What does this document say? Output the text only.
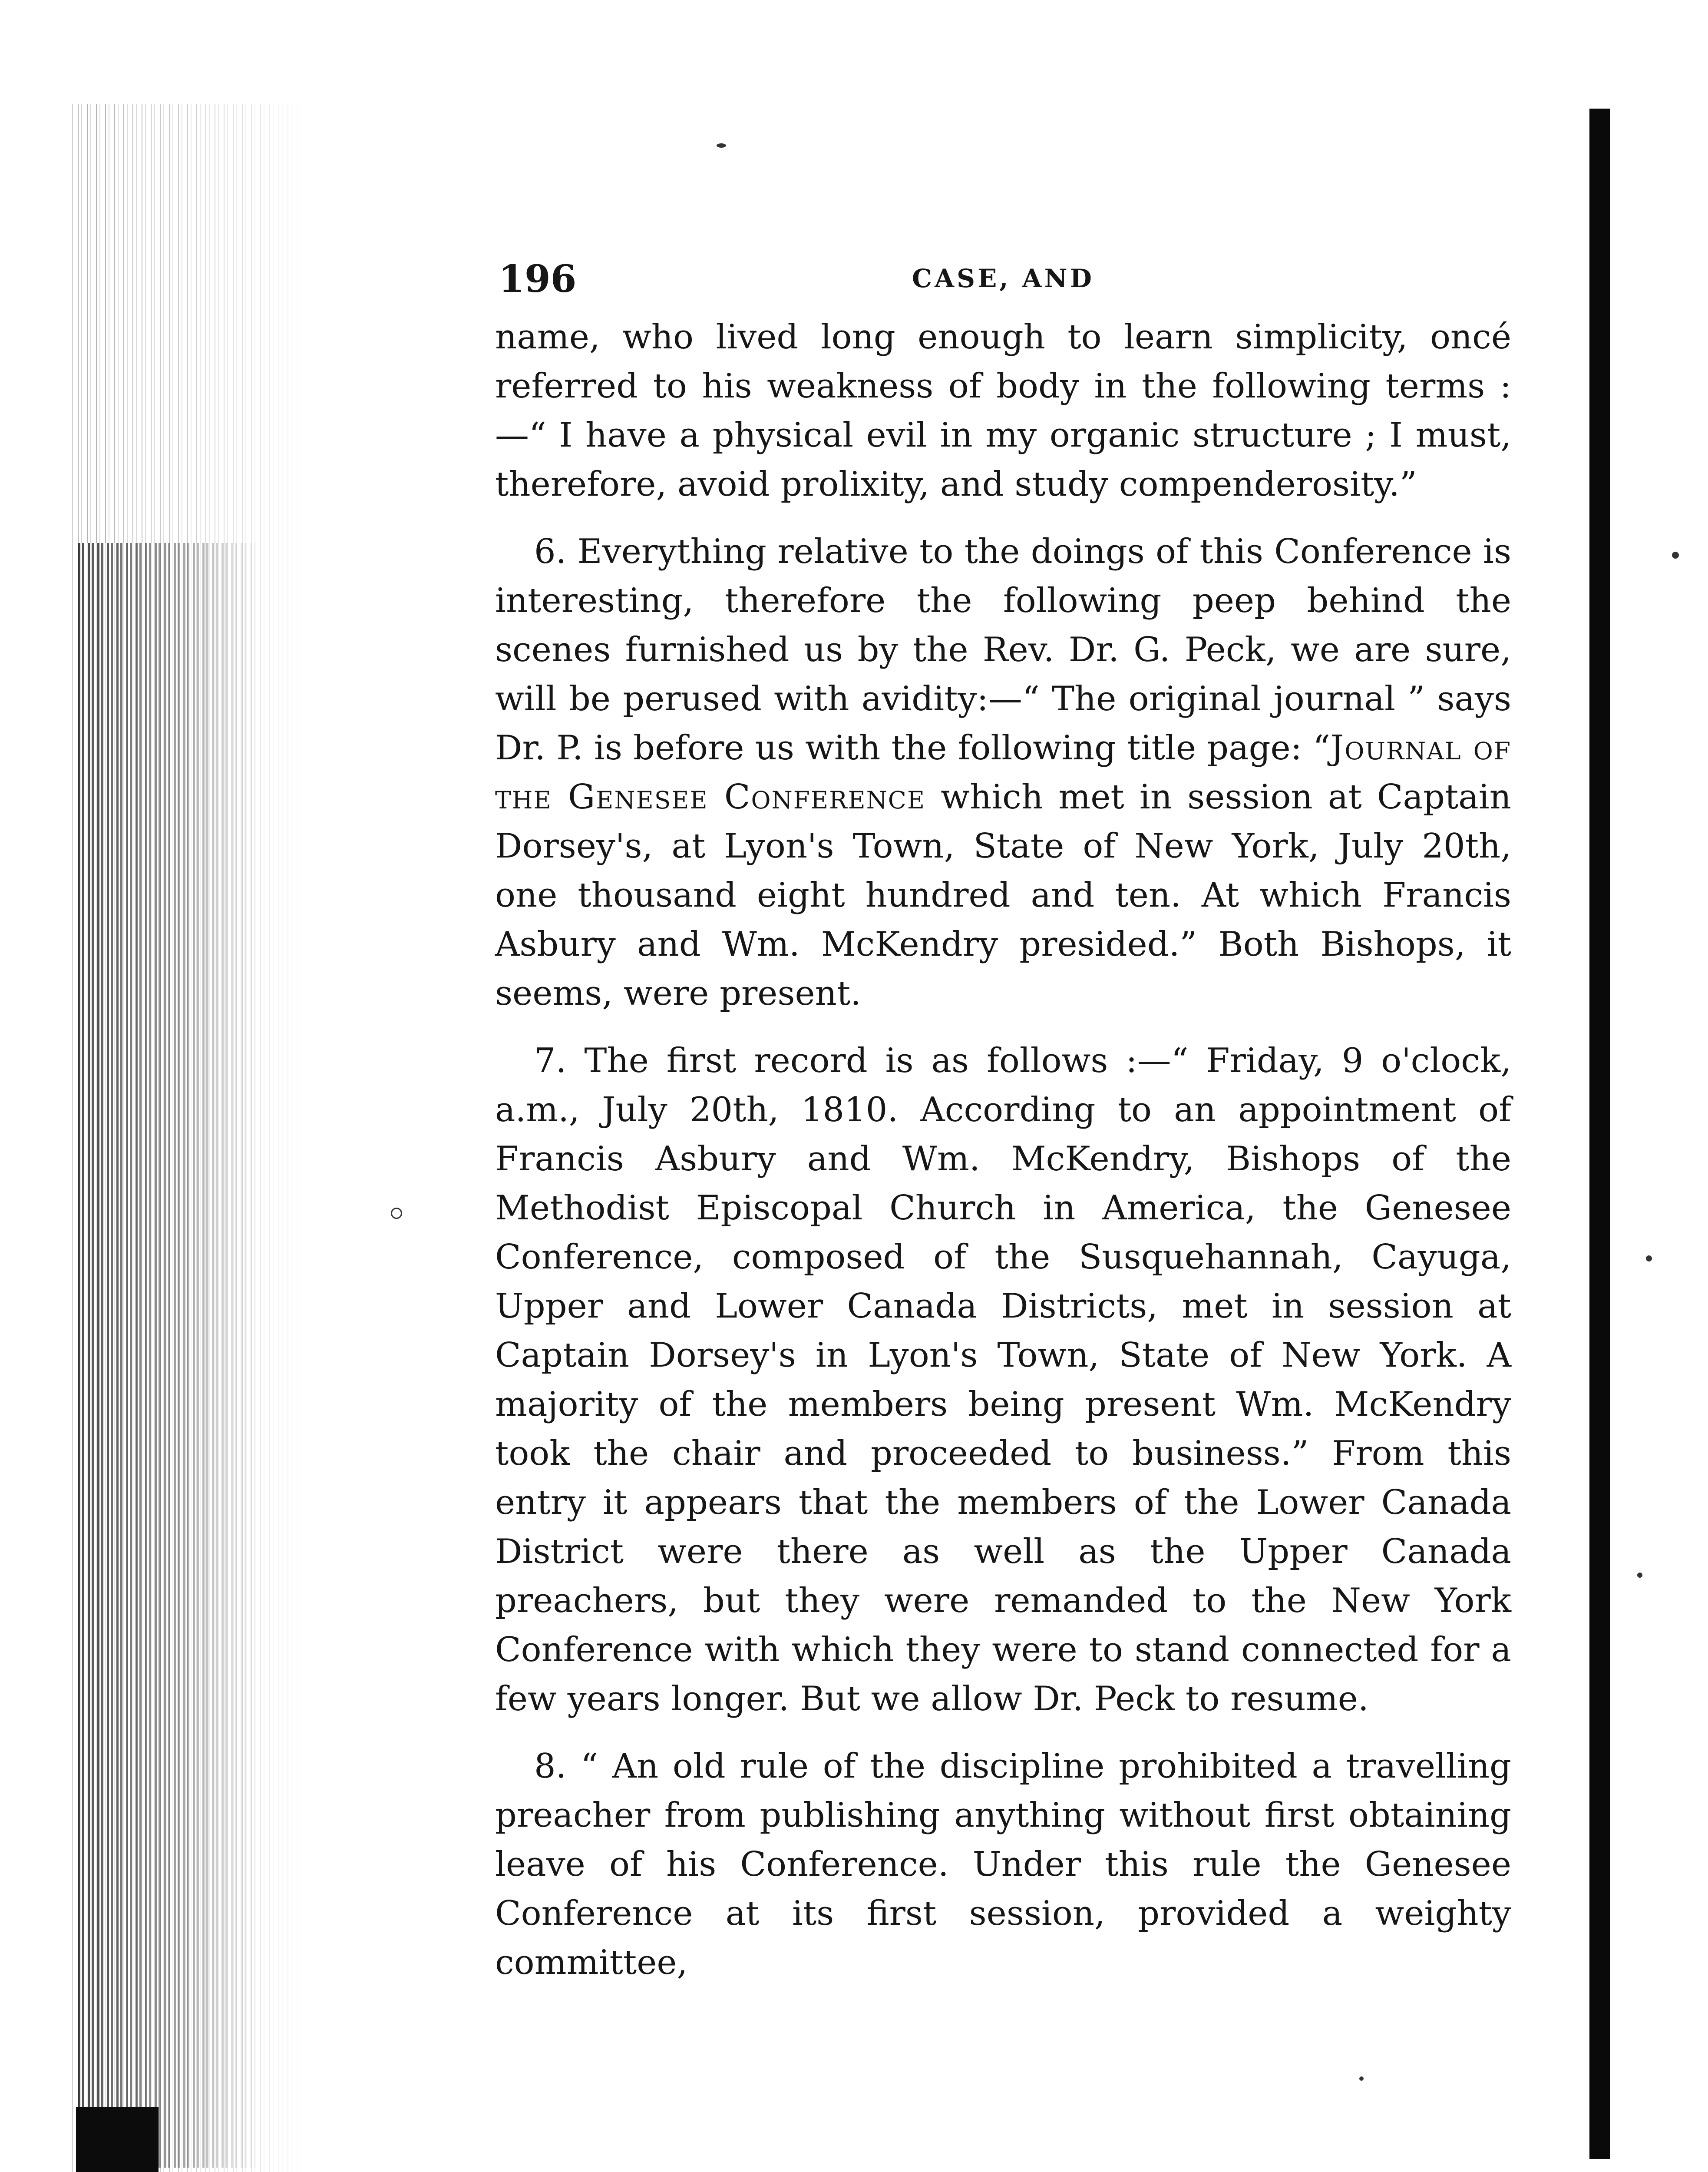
196	CASE, AND

name, who lived long enough to learn simplicity, oncé referred to his weakness of body in the following terms :—“ I have a physical evil in my organic structure ; I must, therefore, avoid prolixity, and study compenderosity.”

6. Everything relative to the doings of this Conference is interesting, therefore the following peep behind the scenes furnished us by the Rev. Dr. G. Peck, we are sure, will be perused with avidity:—“ The original journal ” says Dr. P. is before us with the following title page: “Journal of the Genesee Conference which met in session at Captain Dorsey's, at Lyon's Town, State of New York, July 20th, one thousand eight hundred and ten. At which Francis Asbury and Wm. McKendry presided.” Both Bishops, it seems, were present.

7. The first record is as follows :—“ Friday, 9 o'clock, a.m., July 20th, 1810. According to an appointment of Francis Asbury and Wm. McKendry, Bishops of the Methodist Episcopal Church in America, the Genesee Conference, composed of the Susquehannah, Cayuga, Upper and Lower Canada Districts, met in session at Captain Dorsey's in Lyon's Town, State of New York. A majority of the members being present Wm. McKendry took the chair and proceeded to business.” From this entry it appears that the members of the Lower Canada District were there as well as the Upper Canada preachers, but they were remanded to the New York Conference with which they were to stand connected for a few years longer. But we allow Dr. Peck to resume.

8. “ An old rule of the discipline prohibited a travelling preacher from publishing anything without first obtaining leave of his Conference. Under this rule the Genesee Conference at its first session, provided a weighty committee,
